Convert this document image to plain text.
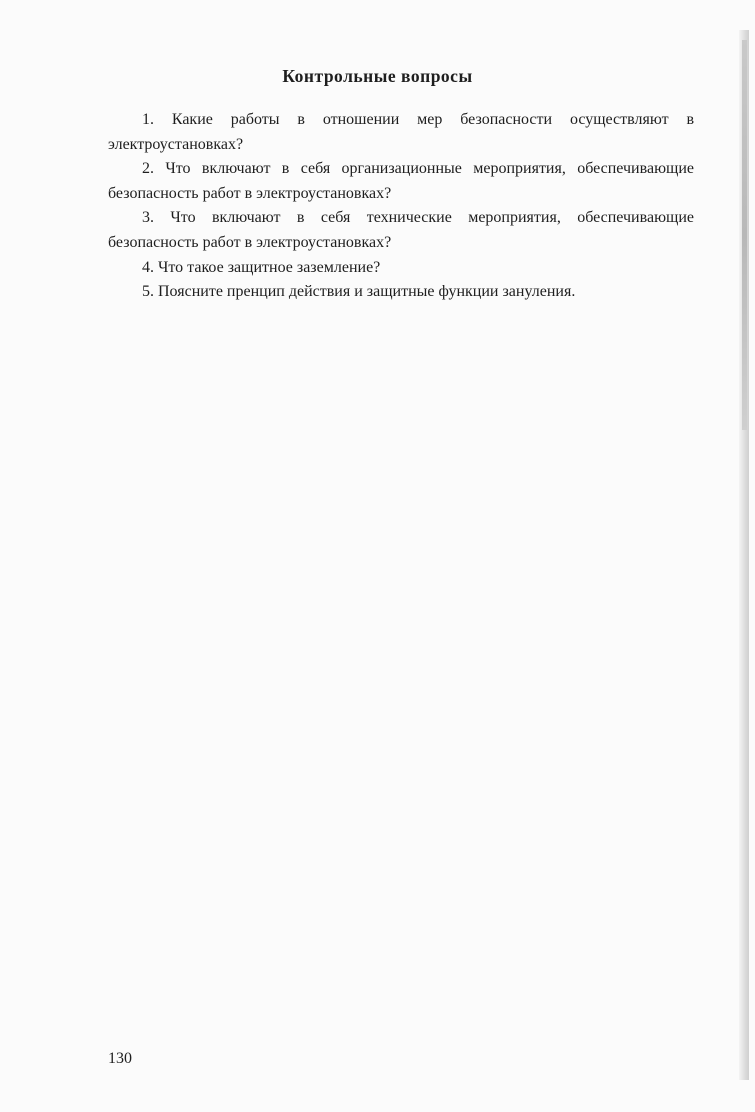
Контрольные вопросы

1. Какие работы в отношении мер безопасности осуществляют в электроустановках?

2. Что включают в себя организационные мероприятия, обеспечивающие безопасность работ в электроустановках?

3. Что включают в себя технические мероприятия, обеспечивающие безопасность работ в электроустановках?

4. Что такое защитное заземление?

5. Поясните пренцип действия и защитные функции зануления.

130
